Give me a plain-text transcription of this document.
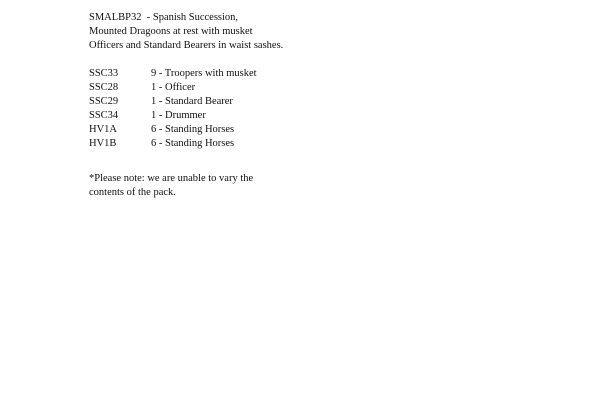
SMALBP32  - Spanish Succession,

Mounted Dragoons at rest with musket

Officers and Standard Bearers in waist sashes.

SSC33	9 - Troopers with musket
SSC28	1 - Officer
SSC29	1 - Standard Bearer
SSC34	1 - Drummer
HV1A	6 - Standing Horses
HV1B	6 - Standing Horses

*Please note: we are unable to vary the

contents of the pack.
